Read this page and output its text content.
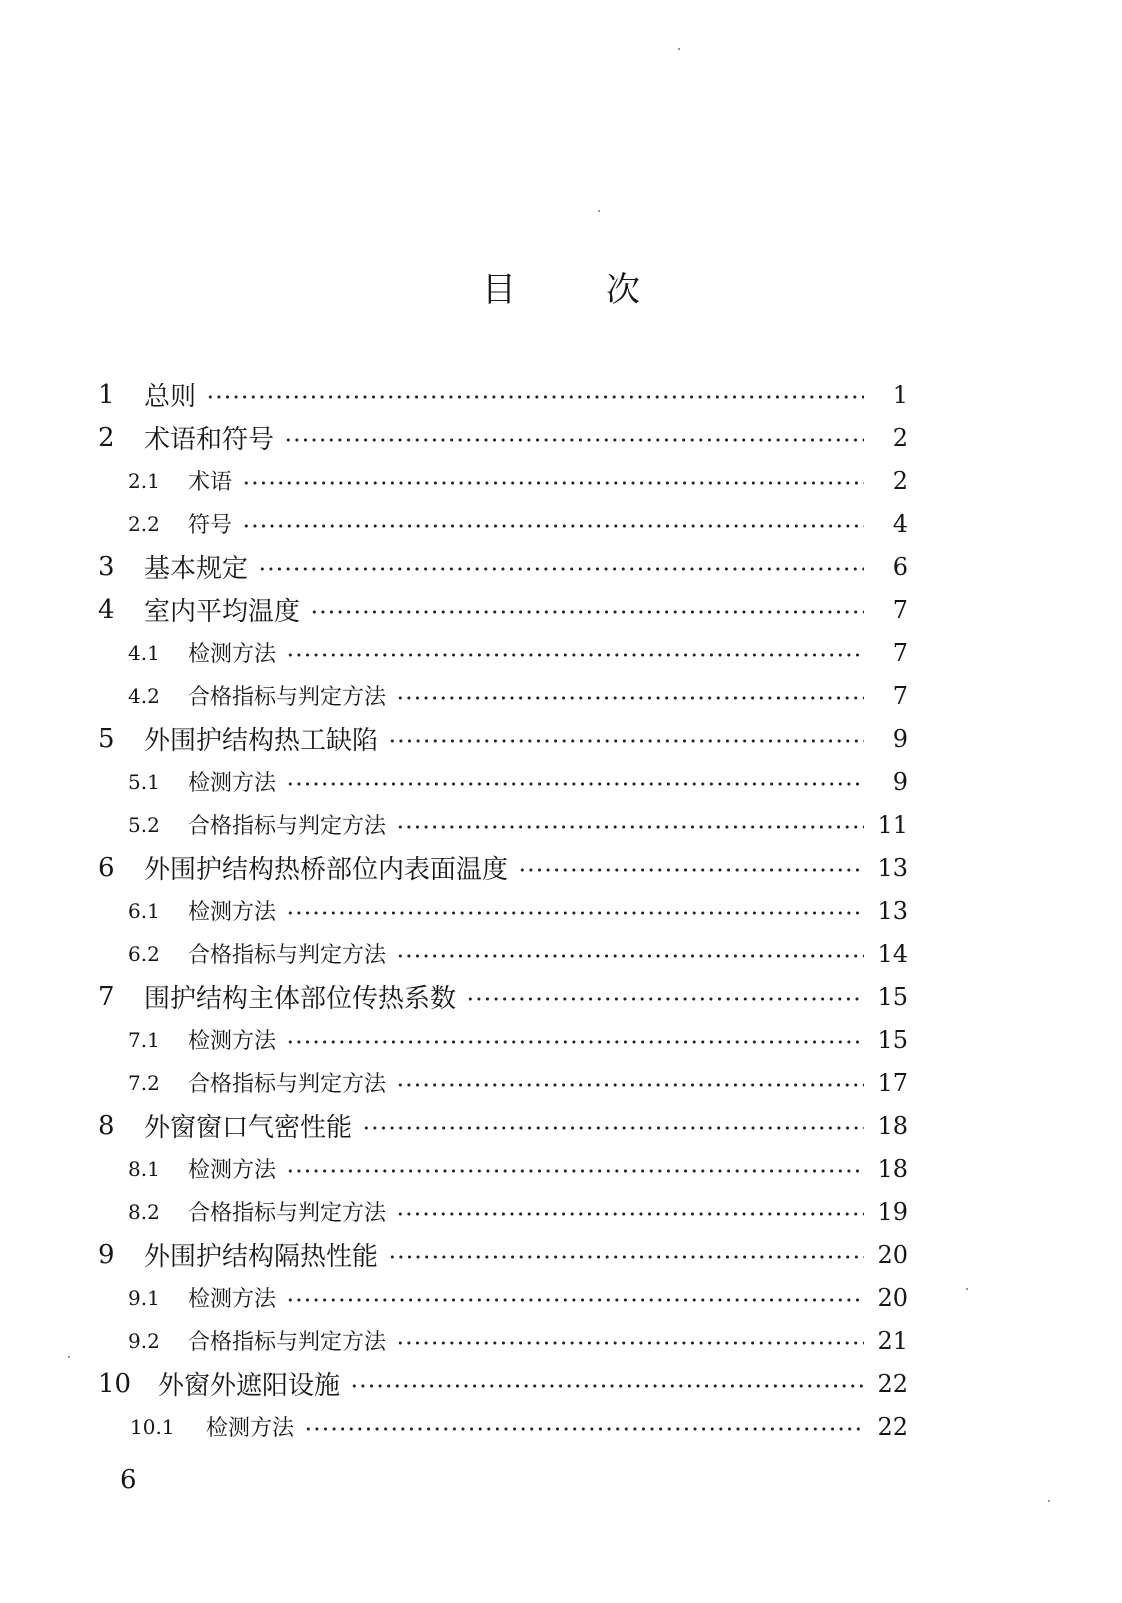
目	次
1	总则	1
2	术语和符号	2
2.1	术语	2
2.2	符号	4
3	基本规定	6
4	室内平均温度	7
4.1	检测方法	7
4.2	合格指标与判定方法	7
5	外围护结构热工缺陷	9
5.1	检测方法	9
5.2	合格指标与判定方法	11
6	外围护结构热桥部位内表面温度	13
6.1	检测方法	13
6.2	合格指标与判定方法	14
7	围护结构主体部位传热系数	15
7.1	检测方法	15
7.2	合格指标与判定方法	17
8	外窗窗口气密性能	18
8.1	检测方法	18
8.2	合格指标与判定方法	19
9	外围护结构隔热性能	20
9.1	检测方法	20
9.2	合格指标与判定方法	21
10	外窗外遮阳设施	22
10.1	检测方法	22
6
